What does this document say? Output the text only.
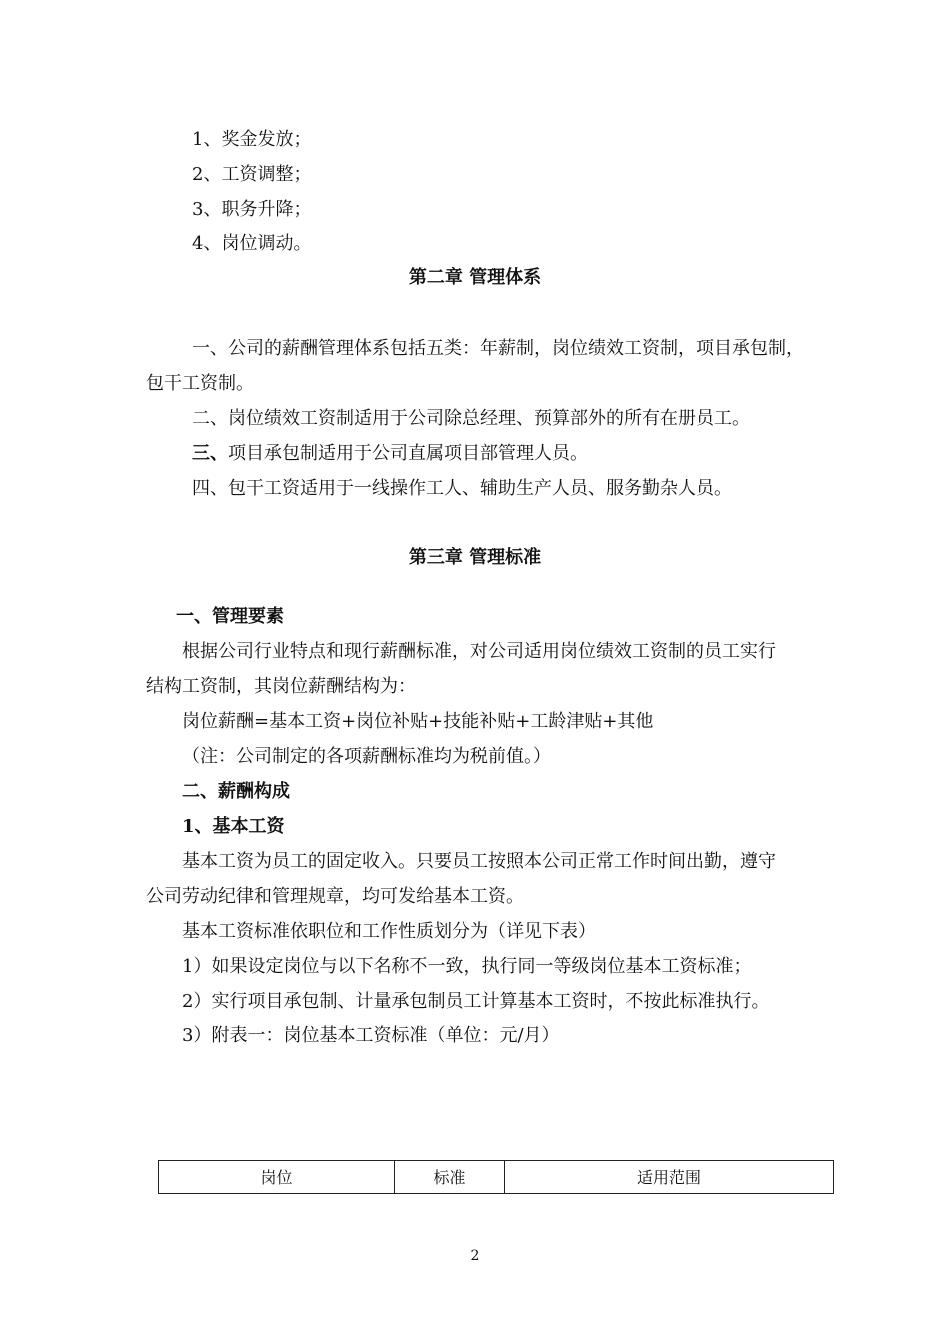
1、奖金发放；
2、工资调整；
3、职务升降；
4、岗位调动。
第二章 管理体系
一、公司的薪酬管理体系包括五类：年薪制，岗位绩效工资制，项目承包制，
包干工资制。
二、岗位绩效工资制适用于公司除总经理、预算部外的所有在册员工。
三、项目承包制适用于公司直属项目部管理人员。
四、包干工资适用于一线操作工人、辅助生产人员、服务勤杂人员。
第三章 管理标准
一、管理要素
根据公司行业特点和现行薪酬标准，对公司适用岗位绩效工资制的员工实行
结构工资制，其岗位薪酬结构为：
岗位薪酬=基本工资+岗位补贴+技能补贴+工龄津贴+其他
（注：公司制定的各项薪酬标准均为税前值。）
二、薪酬构成
1、基本工资
基本工资为员工的固定收入。只要员工按照本公司正常工作时间出勤，遵守
公司劳动纪律和管理规章，均可发给基本工资。
基本工资标准依职位和工作性质划分为（详见下表）
1）如果设定岗位与以下名称不一致，执行同一等级岗位基本工资标准；
2）实行项目承包制、计量承包制员工计算基本工资时，不按此标准执行。
3）附表一：岗位基本工资标准（单位：元/月）
岗位	标准	适用范围
2
